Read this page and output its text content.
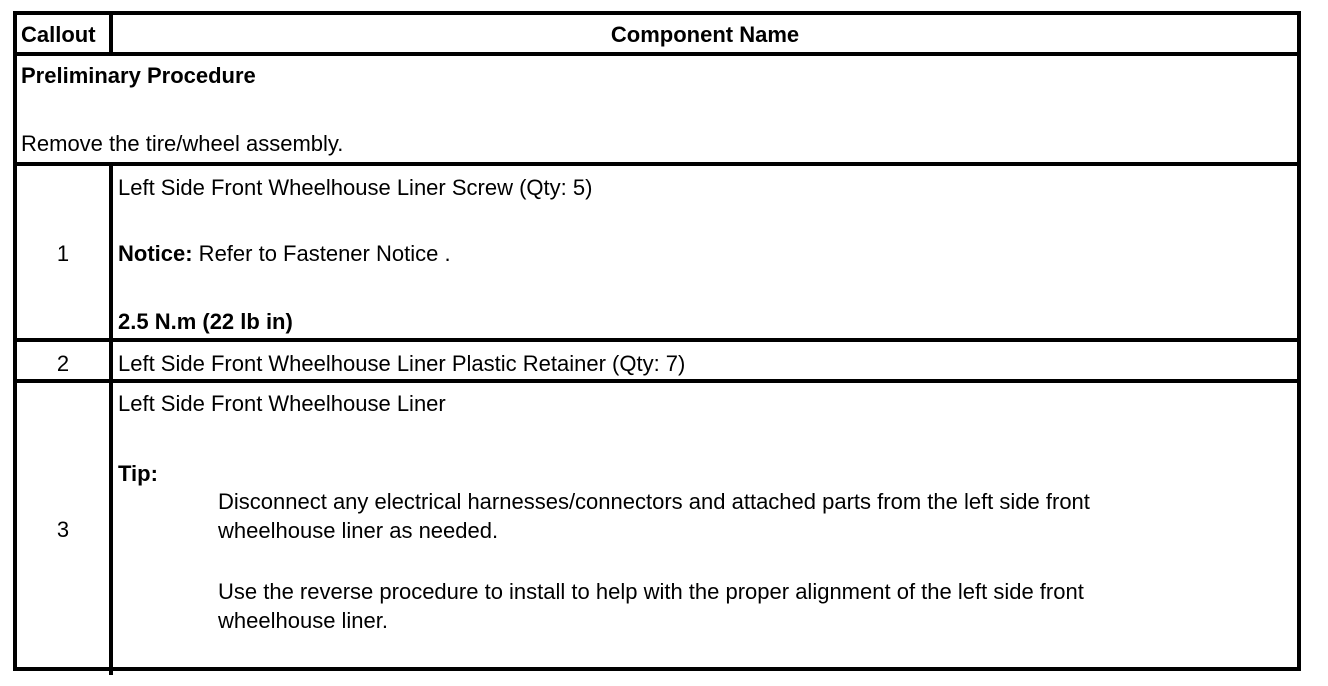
Callout	Component Name
Preliminary Procedure
Remove the tire/wheel assembly.
1
Left Side Front Wheelhouse Liner Screw (Qty: 5)
Notice: Refer to Fastener Notice .
2.5 N.m (22 lb in)
2	Left Side Front Wheelhouse Liner Plastic Retainer (Qty: 7)
3
Left Side Front Wheelhouse Liner
Tip:
Disconnect any electrical harnesses/connectors and attached parts from the left side front
wheelhouse liner as needed.
Use the reverse procedure to install to help with the proper alignment of the left side front
wheelhouse liner.
